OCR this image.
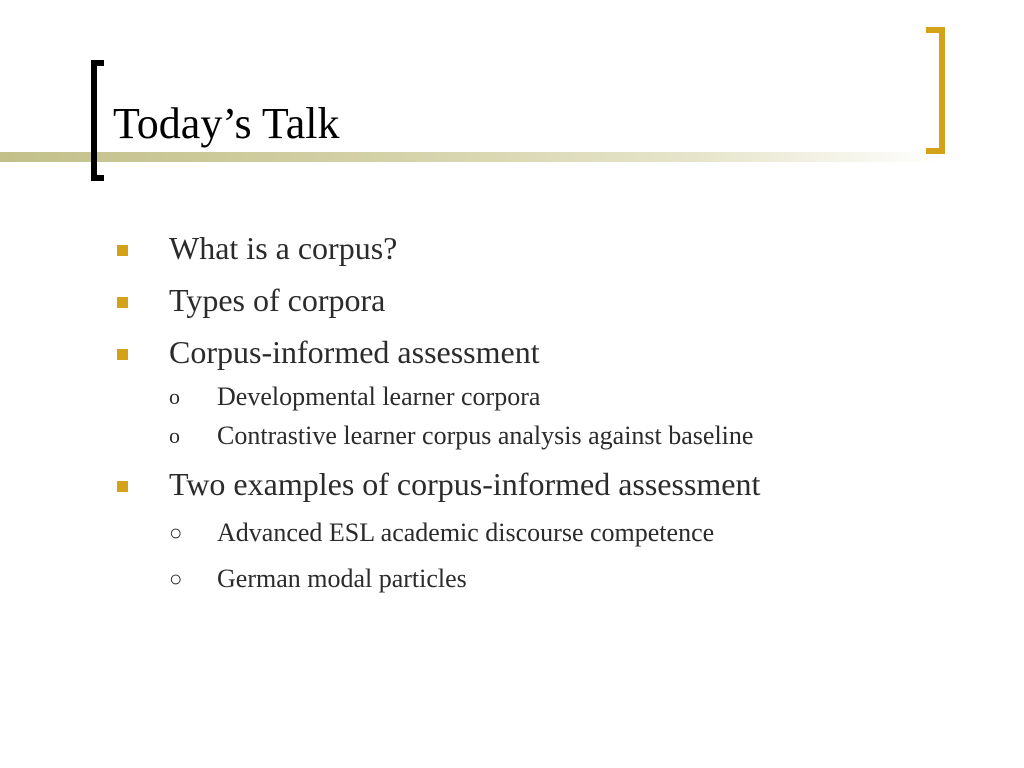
Today’s Talk
What is a corpus?
Types of corpora
Corpus-informed assessment
o Developmental learner corpora
o Contrastive learner corpus analysis against baseline
Two examples of corpus-informed assessment
○ Advanced ESL academic discourse competence
○ German modal particles
